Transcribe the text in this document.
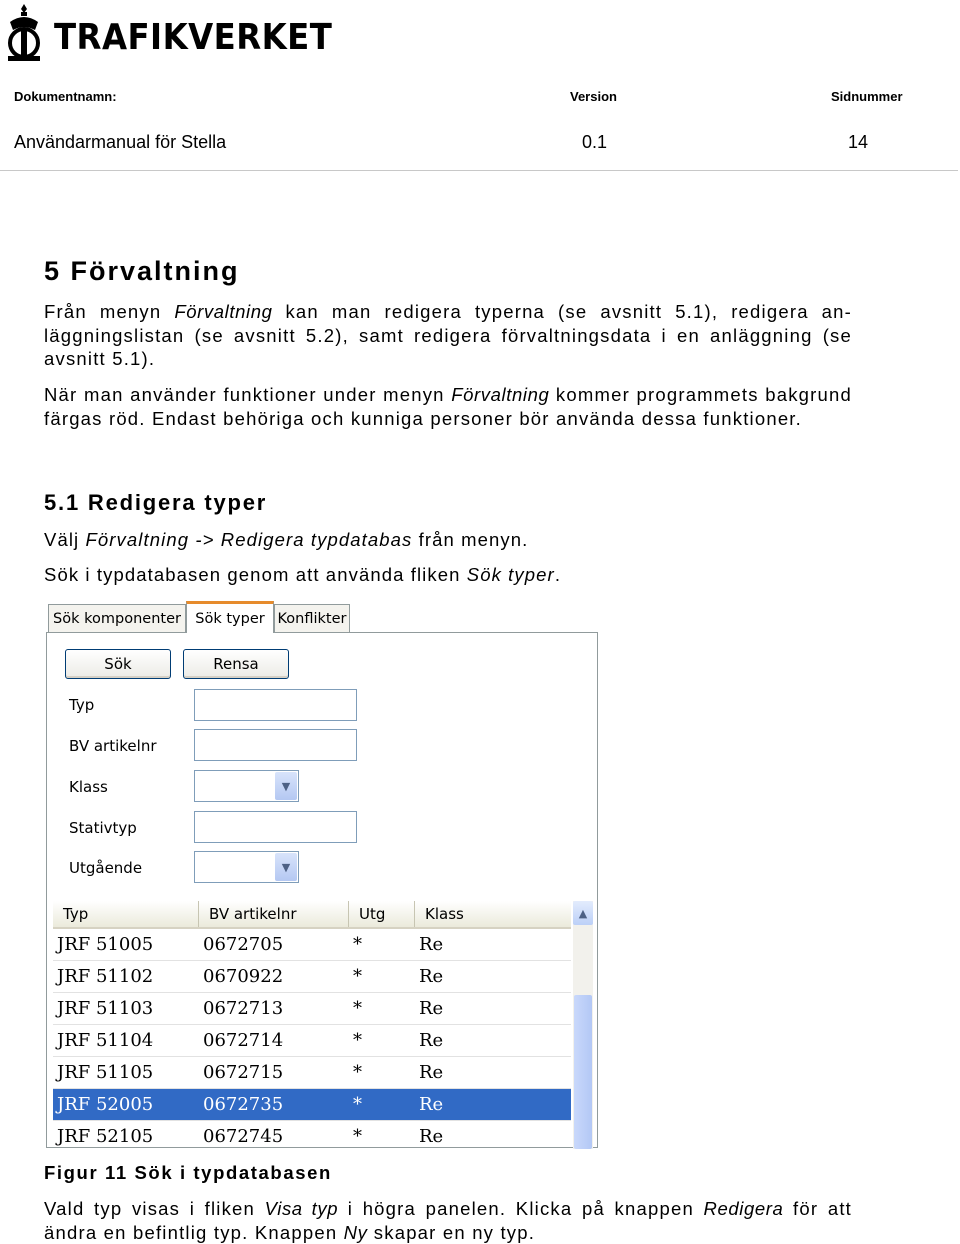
TRAFIKVERKET
Dokumentnamn:	Version	Sidnummer
Användarmanual för Stella	0.1	14
5 Förvaltning
Från menyn Förvaltning kan man redigera typerna (se avsnitt 5.1), redigera an-läggningslistan (se avsnitt 5.2), samt redigera förvaltningsdata i en anläggning (se avsnitt 5.1).
När man använder funktioner under menyn Förvaltning kommer programmets bakgrund färgas röd. Endast behöriga och kunniga personer bör använda dessa funktioner.
5.1 Redigera typer
Välj Förvaltning -> Redigera typdatabas från menyn.
Sök i typdatabasen genom att använda fliken Sök typer.
Sök komponenter Sök typer Konflikter
Sök	Rensa
Typ
BV artikelnr
Klass	▼
Stativtyp
Utgående	▼
Typ	BV artikelnr	Utg	Klass
JRF 51005	0672705	*	Re
JRF 51102	0670922	*	Re
JRF 51103	0672713	*	Re
JRF 51104	0672714	*	Re
JRF 51105	0672715	*	Re
JRF 52005	0672735	*	Re
JRF 52105	0672745	*	Re
▲
Figur 11 Sök i typdatabasen
Vald typ visas i fliken Visa typ i högra panelen. Klicka på knappen Redigera för att ändra en befintlig typ. Knappen Ny skapar en ny typ.
